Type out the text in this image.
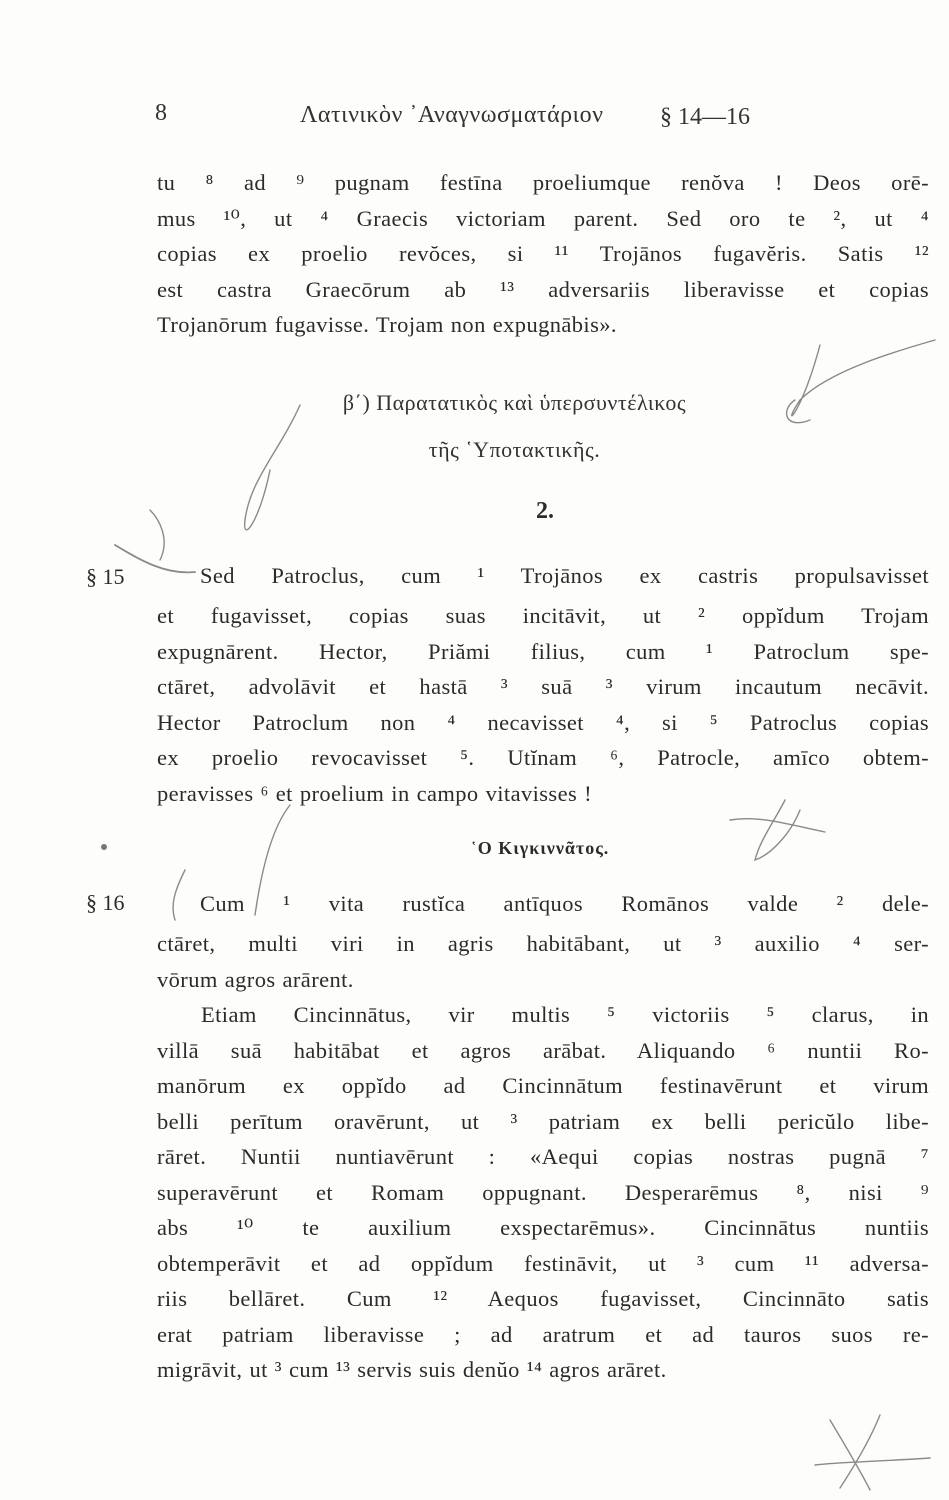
8	Λατινικὸν ᾿Αναγνωσματάριον § 14—16
tu ⁸ ad ⁹ pugnam festīna proeliumque renŏva ! Deos orē-
mus ¹⁰, ut ⁴ Graecis victoriam parent. Sed oro te ², ut ⁴
copias ex proelio revŏces, si ¹¹ Trojānos fugavĕris. Satis ¹²
est castra Graecōrum ab ¹³ adversariis liberavisse et copias
Trojanōrum fugavisse. Trojam non expugnābis».
β΄) Παρατατικὸς καὶ ὑπερσυντέλικος
τῆς ῾Υποτακτικῆς.
2.
§ 15	Sed Patroclus, cum ¹ Trojānos ex castris propulsavisset
et fugavisset, copias suas incitāvit, ut ² oppĭdum Trojam
expugnārent. Hector, Priămi filius, cum ¹ Patroclum spe-
ctāret, advolāvit et hastā ³ suā ³ virum incautum necāvit.
Hector Patroclum non ⁴ necavisset ⁴, si ⁵ Patroclus copias
ex proelio revocavisset ⁵. Utĭnam ⁶, Patrocle, amīco obtem-
peravisses ⁶ et proelium in campo vitavisses !
῾Ο Κιγκιννᾶτος.
§ 16	Cum ¹ vita rustĭca antīquos Romānos valde ² dele-
ctāret, multi viri in agris habitābant, ut ³ auxilio ⁴ ser-
vōrum agros arārent.
Etiam Cincinnātus, vir multis ⁵ victoriis ⁵ clarus, in
villā suā habitābat et agros arābat. Aliquando ⁶ nuntii Ro-
manōrum ex oppĭdo ad Cincinnātum festinavērunt et virum
belli perītum oravērunt, ut ³ patriam ex belli pericŭlo libe-
rāret. Nuntii nuntiavērunt : «Aequi copias nostras pugnā ⁷
superavērunt et Romam oppugnant. Desperarēmus ⁸, nisi ⁹
abs ¹⁰ te auxilium exspectarēmus». Cincinnātus nuntiis
obtemperāvit et ad oppĭdum festināvit, ut ³ cum ¹¹ adversa-
riis bellāret. Cum ¹² Aequos fugavisset, Cincinnāto satis
erat patriam liberavisse ; ad aratrum et ad tauros suos re-
migrāvit, ut ³ cum ¹³ servis suis denŭo ¹⁴ agros arāret.
